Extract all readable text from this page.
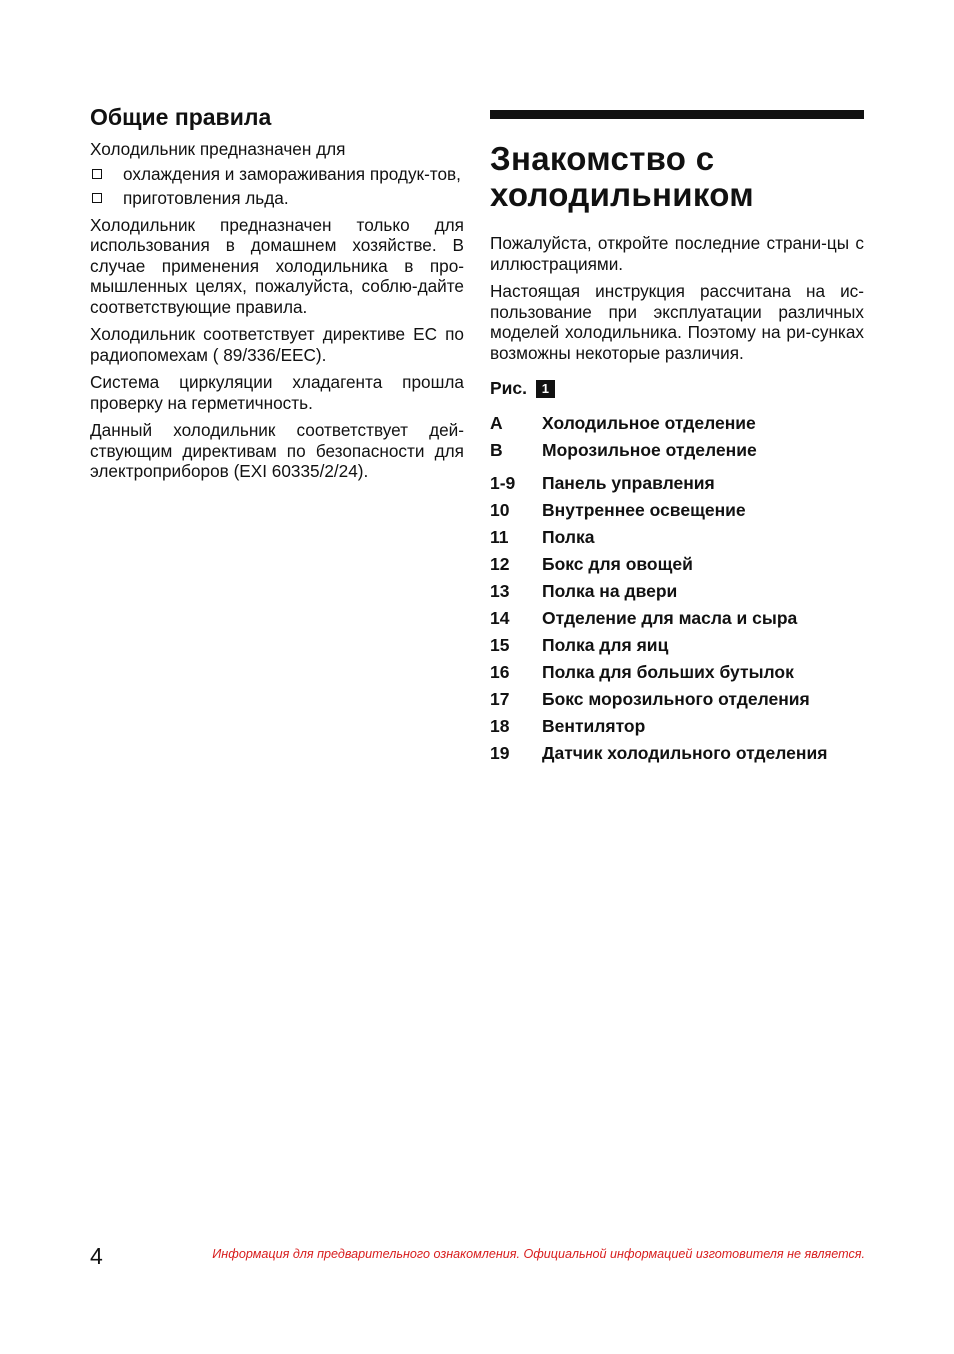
Общие правила
Холодильник предназначен для
охлаждения и замораживания продук-тов,
приготовления льда.

Холодильник предназначен только для использования в домашнем хозяйстве. В случае применения холодильника в про-мышленных целях, пожалуйста, соблю-дайте соответствующие правила.

Холодильник соответствует директиве ЕС по радиопомехам ( 89/336/EEC).

Система циркуляции хладагента прошла проверку на герметичность.

Данный холодильник соответствует дей-ствующим директивам по безопасности для электроприборов (EXI 60335/2/24).

Знакомство с
холодильником

Пожалуйста, откройте последние страни-цы с иллюстрациями.

Настоящая инструкция рассчитана на ис-пользование при эксплуатации различных моделей холодильника. Поэтому на ри-сунках возможны некоторые различия.

Рис. 1
A	Холодильное отделение
B	Морозильное отделение
1-9	Панель управления
10	Внутреннее освещение
11	Полка
12	Бокс для овощей
13	Полка на двери
14	Отделение для масла и сыра
15	Полка для яиц
16	Полка для больших бутылок
17	Бокс морозильного отделения
18	Вентилятор
19	Датчик холодильного отделения
4	Информация для предварительного ознакомления. Официальной информацией изготовителя не является.
